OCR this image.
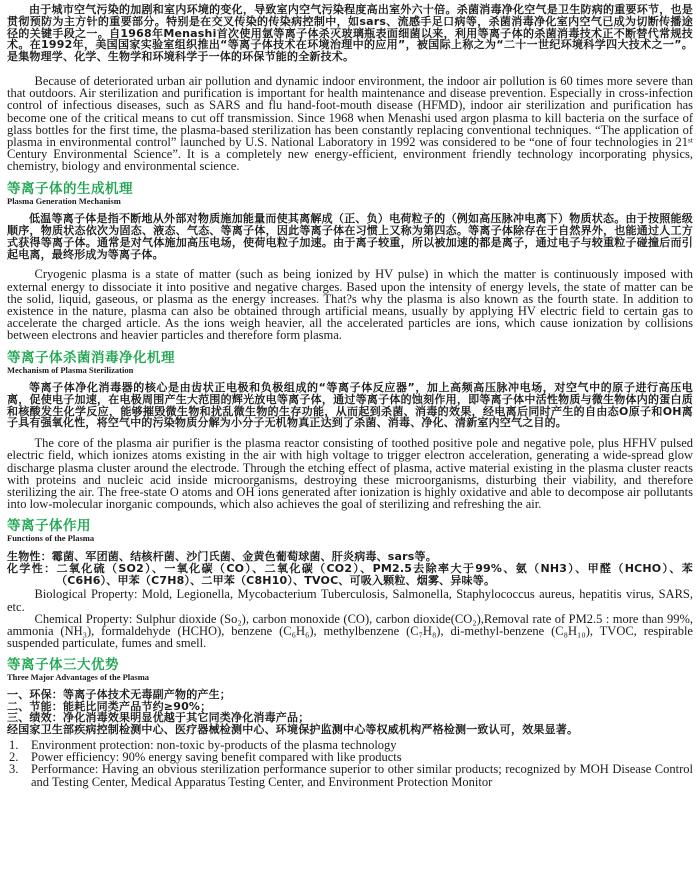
由于城市空气污染的加剧和室内环境的变化，导致室内空气污染程度高出室外六十倍。杀菌消毒净化空气是卫生防病的重要环节，也是贯彻预防为主方针的重要部分。特别是在交叉传染的传染病控制中，如sars、流感手足口病等，杀菌消毒净化室内空气已成为切断传播途径的关键手段之一。自1968年Menashi首次使用氩等离子体杀灭玻璃瓶表面细菌以来，利用等离子体的杀菌消毒技术正不断替代常规技术。在1992年，美国国家实验室组织推出“等离子体技术在环境治理中的应用”，被国际上称之为“二十一世纪环境科学四大技术之一”。是集物理学、化学、生物学和环境科学于一体的环保节能的全新技术。

Because of deteriorated urban air pollution and dynamic indoor environment, the indoor air pollution is 60 times more severe than that outdoors. Air sterilization and purification is important for health maintenance and disease prevention. Especially in cross-infection control of infectious diseases, such as SARS and flu hand-foot-mouth disease (HFMD), indoor air sterilization and purification has become one of the critical means to cut off transmission. Since 1968 when Menashi used argon plasma to kill bacteria on the surface of glass bottles for the first time, the plasma-based sterilization has been constantly replacing conventional techniques. “The application of plasma in environmental control” launched by U.S. National Laboratory in 1992 was considered to be “one of four technologies in 21ˢᵗ Century Environmental Science”. It is a completely new energy-efficient, environment friendly technology incorporating physics, chemistry, biology and environmental science.

等离子体的生成机理
Plasma Generation Mechanism

低温等离子体是指不断地从外部对物质施加能量而使其离解成（正、负）电荷粒子的（例如高压脉冲电离下）物质状态。由于按照能级顺序，物质状态依次为固态、液态、气态、等离子体，因此等离子体在习惯上又称为第四态。等离子体除存在于自然界外，也能通过人工方式获得等离子体。通常是对气体施加高压电场，使荷电粒子加速。由于离子较重，所以被加速的都是离子，通过电子与较重粒子碰撞后而引起电离，最终形成为等离子体。

Cryogenic plasma is a state of matter (such as being ionized by HV pulse) in which the matter is continuously imposed with external energy to dissociate it into positive and negative charges. Based upon the intensity of energy levels, the state of matter can be the solid, liquid, gaseous, or plasma as the energy increases. That?s why the plasma is also known as the fourth state. In addition to existence in the nature, plasma can also be obtained through artificial means, usually by applying HV electric field to certain gas to accelerate the charged article. As the ions weigh heavier, all the accelerated particles are ions, which cause ionization by collisions between electrons and heavier particles and therefore form plasma.

等离子体杀菌消毒净化机理
Mechanism of Plasma Sterilization

等离子体净化消毒器的核心是由齿状正电极和负极组成的“等离子体反应器”，加上高频高压脉冲电场，对空气中的原子进行高压电离，促使电子加速，在电极周围产生大范围的辉光放电等离子体，通过等离子体的蚀刻作用，即等离子体中活性物质与微生物体内的蛋白质和核酸发生化学反应，能够摧毁微生物和扰乱微生物的生存功能，从而起到杀菌、消毒的效果，经电离后同时产生的自由态O原子和OH离子具有强氧化性，将空气中的污染物质分解为小分子无机物真正达到了杀菌、消毒、净化、清新室内空气之目的。

The core of the plasma air purifier is the plasma reactor consisting of toothed positive pole and negative pole, plus HFHV pulsed electric field, which ionizes atoms existing in the air with high voltage to trigger electron acceleration, generating a wide-spread glow discharge plasma cluster around the electrode. Through the etching effect of plasma, active material existing in the plasma cluster reacts with proteins and nucleic acid inside microorganisms, destroying these microorganisms, disturbing their viability, and therefore sterilizing the air. The free-state O atoms and OH ions generated after ionization is highly oxidative and able to decompose air pollutants into low-molecular inorganic compounds, which also achieves the goal of sterilizing and refreshing the air.

等离子体作用
Functions of the Plasma

生物性：霉菌、军团菌、结核杆菌、沙门氏菌、金黄色葡萄球菌、肝炎病毒、sars等。

化学性：二氧化硫（SO2）、一氧化碳（CO）、二氧化碳（CO2）、PM2.5去除率大于99%、氨（NH3）、甲醛（HCHO）、苯（C6H6）、甲苯（C7H8）、二甲苯（C8H10）、TVOC、可吸入颗粒、烟雾、异味等。

Biological Property: Mold, Legionella, Mycobacterium Tuberculosis, Salmonella, Staphylococcus aureus, hepatitis virus, SARS, etc.

Chemical Property: Sulphur dioxide (So₂), carbon monoxide (CO), carbon dioxide(CO₂),Removal rate of PM2.5 : more than 99%, ammonia (NH₃), formaldehyde (HCHO), benzene (C₆H₆), methylbenzene (C₇H₈), di-methyl-benzene (C₈H₁₀), TVOC, respirable suspended particulate, fumes and smell.

等离子体三大优势
Three Major Advantages of the Plasma

一、环保：等离子体技术无毒副产物的产生；

二、节能：能耗比同类产品节约≥90%；

三、绩效：净化消毒效果明显优越于其它同类净化消毒产品；

经国家卫生部疾病控制检测中心、医疗器械检测中心、环境保护监测中心等权威机构严格检测一致认可，效果显著。

1.	Environment protection: non-toxic by-products of the plasma technology
2.	Power efficiency: 90% energy saving benefit compared with like products
3.	Performance: Having an obvious sterilization performance superior to other similar products; recognized by MOH Disease Control and Testing Center, Medical Apparatus Testing Center, and Environment Protection Monitor
